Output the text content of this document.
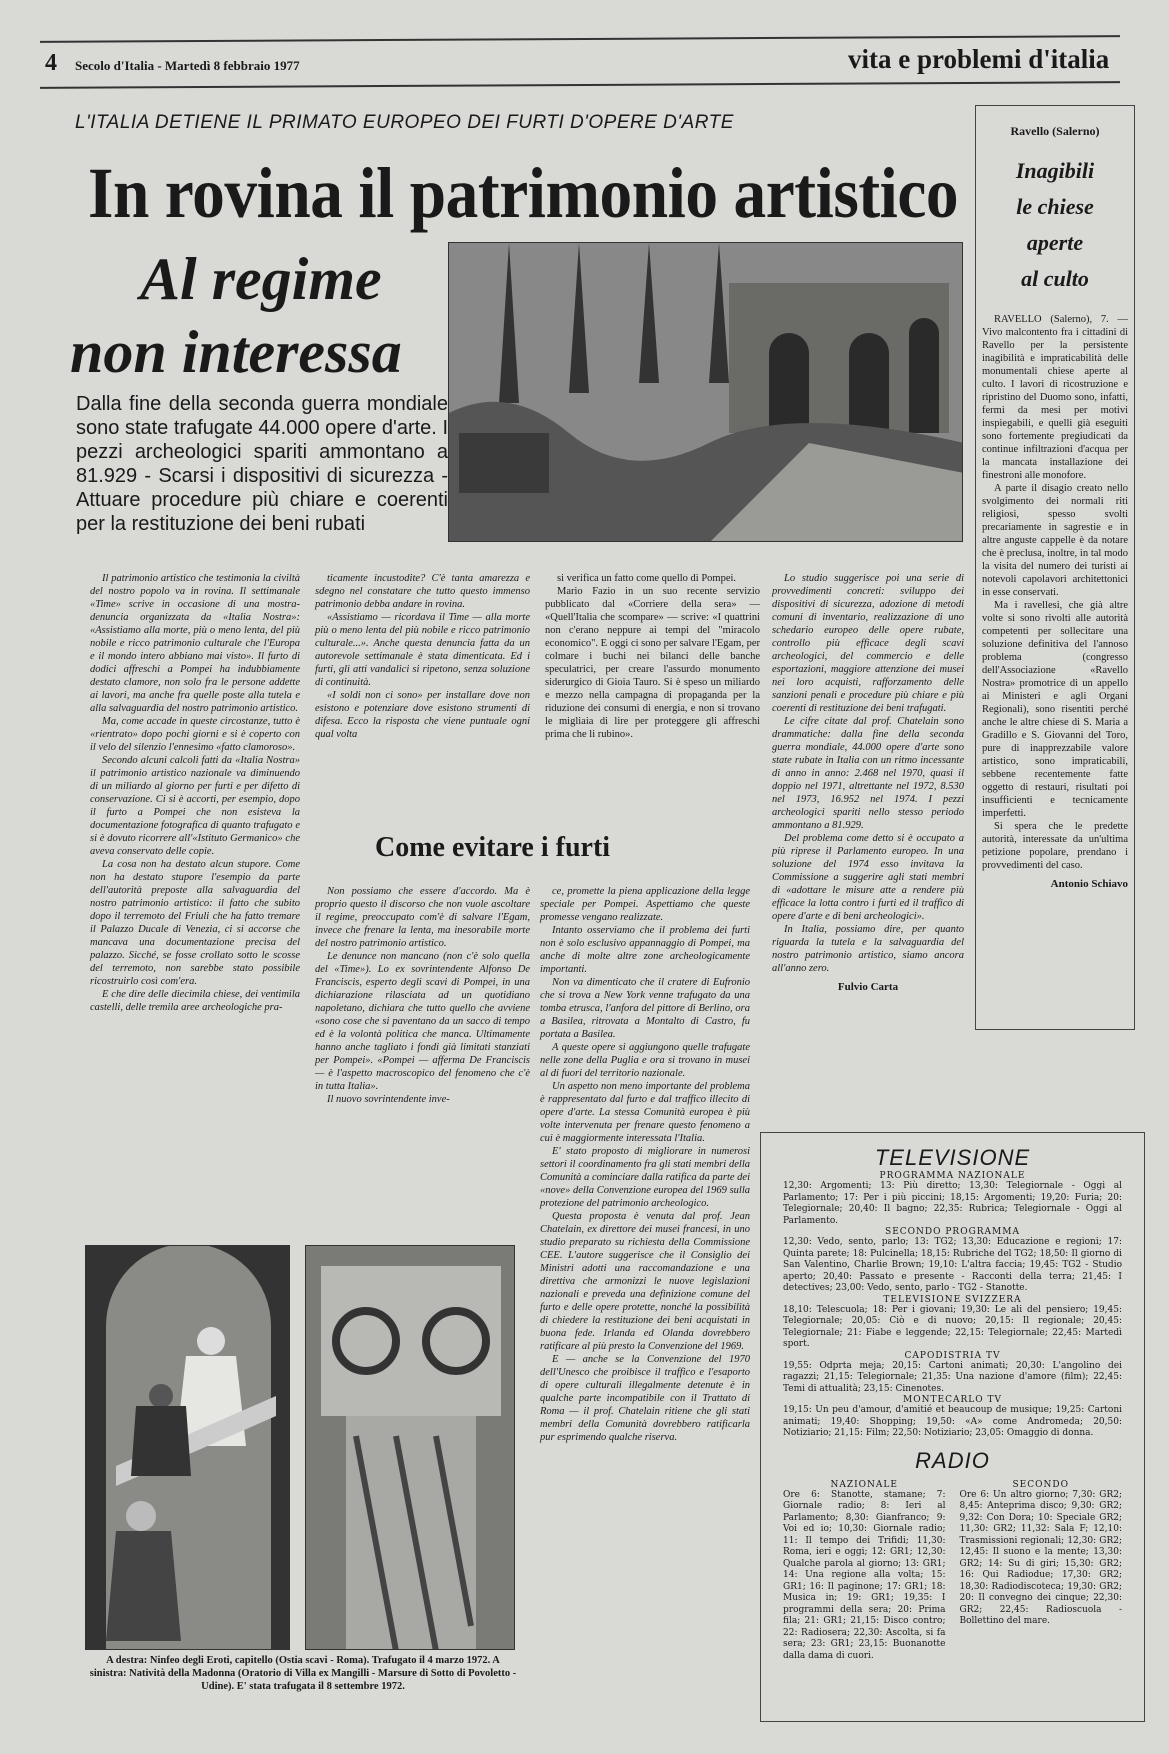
4 Secolo d'Italia - Martedì 8 febbraio 1977	vita e problemi d'italia
L'ITALIA DETIENE IL PRIMATO EUROPEO DEI FURTI D'OPERE D'ARTE
In rovina il patrimonio artistico
Al regime
non interessa
Dalla fine della seconda guerra mondiale sono state trafugate 44.000 opere d'arte. I pezzi archeologici spariti ammontano a 81.929 - Scarsi i dispositivi di sicurezza - Attuare procedure più chiare e coerenti per la restituzione dei beni rubati

Il patrimonio artistico che testimonia la civiltà del nostro popolo va in rovina. Il settimanale «Time» scrive in occasione di una mostra-denuncia organizzata da «Italia Nostra»: «Assistiamo alla morte, più o meno lenta, del più nobile e ricco patrimonio culturale che l'Europa e il mondo intero abbiano mai visto». Il furto di dodici affreschi a Pompei ha indubbiamente destato clamore, non solo fra le persone addette ai lavori, ma anche fra quelle poste alla tutela e alla salvaguardia del nostro patrimonio artistico.

Ma, come accade in queste circostanze, tutto è «rientrato» dopo pochi giorni e si è coperto con il velo del silenzio l'ennesimo «fatto clamoroso».

Secondo alcuni calcoli fatti da «Italia Nostra» il patrimonio artistico nazionale va diminuendo di un miliardo al giorno per furti e per difetto di conservazione. Ci si è accorti, per esempio, dopo il furto a Pompei che non esisteva la documentazione fotografica di quanto trafugato e si è dovuto ricorrere all'«Istituto Germanico» che aveva conservato delle copie.

La cosa non ha destato alcun stupore. Come non ha destato stupore l'esempio da parte dell'autorità preposte alla salvaguardia del nostro patrimonio artistico: il fatto che subito dopo il terremoto del Friuli che ha fatto tremare il Palazzo Ducale di Venezia, ci si accorse che mancava una documentazione precisa del palazzo. Sicché, se fosse crollato sotto le scosse del terremoto, non sarebbe stato possibile ricostruirlo così com'era.

E che dire delle diecimila chiese, dei ventimila castelli, delle tremila aree archeologiche pra-

ticamente incustodite? C'è tanta amarezza e sdegno nel constatare che tutto questo immenso patrimonio debba andare in rovina.

«Assistiamo — ricordava il Time — alla morte più o meno lenta del più nobile e ricco patrimonio culturale...». Anche questa denuncia fatta da un autorevole settimanale è stata dimenticata. Ed i furti, gli atti vandalici si ripetono, senza soluzione di continuità.

«I soldi non ci sono» per installare dove non esistono e potenziare dove esistono strumenti di difesa. Ecco la risposta che viene puntuale ogni qual volta

si verifica un fatto come quello di Pompei.

Mario Fazio in un suo recente servizio pubblicato dal «Corriere della sera» — «Quell'Italia che scompare» — scrive: «I quattrini non c'erano neppure ai tempi del "miracolo economico". E oggi ci sono per salvare l'Egam, per colmare i buchi nei bilanci delle banche speculatrici, per creare l'assurdo monumento siderurgico di Gioia Tauro. Si è speso un miliardo e mezzo nella campagna di propaganda per la riduzione dei consumi di energia, e non si trovano le migliaia di lire per proteggere gli affreschi prima che li rubino».

Lo studio suggerisce poi una serie di provvedimenti concreti: sviluppo dei dispositivi di sicurezza, adozione di metodi comuni di inventario, realizzazione di uno schedario europeo delle opere rubate, controllo più efficace degli scavi archeologici, del commercio e delle esportazioni, maggiore attenzione dei musei nei loro acquisti, rafforzamento delle sanzioni penali e procedure più chiare e più coerenti di restituzione dei beni trafugati.

Le cifre citate dal prof. Chatelain sono drammatiche: dalla fine della seconda guerra mondiale, 44.000 opere d'arte sono state rubate in Italia con un ritmo incessante di anno in anno: 2.468 nel 1970, quasi il doppio nel 1971, altrettante nel 1972, 8.530 nel 1973, 16.952 nel 1974. I pezzi archeologici spariti nello stesso periodo ammontano a 81.929.

Del problema come detto si è occupato a più riprese il Parlamento europeo. In una soluzione del 1974 esso invitava la Commissione a suggerire agli stati membri di «adottare le misure atte a rendere più efficace la lotta contro i furti ed il traffico di opere d'arte e di beni archeologici».

In Italia, possiamo dire, per quanto riguarda la tutela e la salvaguardia del nostro patrimonio artistico, siamo ancora all'anno zero.

Fulvio Carta
Come evitare i furti

Non possiamo che essere d'accordo. Ma è proprio questo il discorso che non vuole ascoltare il regime, preoccupato com'è di salvare l'Egam, invece che frenare la lenta, ma inesorabile morte del nostro patrimonio artistico.

Le denunce non mancano (non c'è solo quella del «Time»). Lo ex sovrintendente Alfonso De Franciscis, esperto degli scavi di Pompei, in una dichiarazione rilasciata ad un quotidiano napoletano, dichiara che tutto quello che avviene «sono cose che si paventano da un sacco di tempo ed è la volontà politica che manca. Ultimamente hanno anche tagliato i fondi già limitati stanziati per Pompei». «Pompei — afferma De Franciscis — è l'aspetto macroscopico del fenomeno che c'è in tutta Italia».

Il nuovo sovrintendente inve-

ce, promette la piena applicazione della legge speciale per Pompei. Aspettiamo che queste promesse vengano realizzate.

Intanto osserviamo che il problema dei furti non è solo esclusivo appannaggio di Pompei, ma anche di molte altre zone archeologicamente importanti.

Non va dimenticato che il cratere di Eufronio che si trova a New York venne trafugato da una tomba etrusca, l'anfora del pittore di Berlino, ora a Basilea, ritrovata a Montalto di Castro, fu portata a Basilea.

A queste opere si aggiungono quelle trafugate nelle zone della Puglia e ora si trovano in musei al di fuori del territorio nazionale.

Un aspetto non meno importante del problema è rappresentato dal furto e dal traffico illecito di opere d'arte. La stessa Comunità europea è più volte intervenuta per frenare questo fenomeno a cui è maggiormente interessata l'Italia.

E' stato proposto di migliorare in numerosi settori il coordinamento fra gli stati membri della Comunità a cominciare dalla ratifica da parte dei «nove» della Convenzione europea del 1969 sulla protezione del patrimonio archeologico.

Questa proposta è venuta dal prof. Jean Chatelain, ex direttore dei musei francesi, in uno studio preparato su richiesta della Commissione CEE. L'autore suggerisce che il Consiglio dei Ministri adotti una raccomandazione e una direttiva che armonizzi le nuove legislazioni nazionali e preveda una definizione comune del furto e delle opere protette, nonché la possibilità di chiedere la restituzione dei beni acquistati in buona fede. Irlanda ed Olanda dovrebbero ratificare al più presto la Convenzione del 1969.

E — anche se la Convenzione del 1970 dell'Unesco che proibisce il traffico e l'esaporto di opere culturali illegalmente detenute è in qualche parte incompatibile con il Trattato di Roma — il prof. Chatelain ritiene che gli stati membri della Comunità dovrebbero ratificarla pur esprimendo qualche riserva.

Ravello (Salerno)
Inagibili
le chiese
aperte
al culto

RAVELLO (Salerno), 7. — Vivo malcontento fra i cittadini di Ravello per la persistente inagibilità e impraticabilità delle monumentali chiese aperte al culto. I lavori di ricostruzione e ripristino del Duomo sono, infatti, fermi da mesi per motivi inspiegabili, e quelli già eseguiti sono fortemente pregiudicati da continue infiltrazioni d'acqua per la mancata installazione dei finestroni alle monofore.

A parte il disagio creato nello svolgimento dei normali riti religiosi, spesso svolti precariamente in sagrestie e in altre anguste cappelle è da notare che è preclusa, inoltre, in tal modo la visita del numero dei turisti ai notevoli capolavori architettonici in esse conservati.

Ma i ravellesi, che già altre volte si sono rivolti alle autorità competenti per sollecitare una soluzione definitiva del l'annoso problema (congresso dell'Associazione «Ravello Nostra» promotrice di un appello ai Ministeri e agli Organi Regionali), sono risentiti perché anche le altre chiese di S. Maria a Gradillo e S. Giovanni del Toro, pure di inapprezzabile valore artistico, sono impraticabili, sebbene recentemente fatte oggetto di restauri, risultati poi insufficienti e tecnicamente imperfetti.

Si spera che le predette autorità, interessate da un'ultima petizione popolare, prendano i provvedimenti del caso.

Antonio Schiavo
TELEVISIONE
PROGRAMMA NAZIONALE
12,30: Argomenti; 13: Più diretto; 13,30: Telegiornale - Oggi al Parlamento; 17: Per i più piccini; 18,15: Argomenti; 19,20: Furia; 20: Telegiornale; 20,40: Il bagno; 22,35: Rubrica; Telegiornale - Oggi al Parlamento.
SECONDO PROGRAMMA
12,30: Vedo, sento, parlo; 13: TG2; 13,30: Educazione e regioni; 17: Quinta parete; 18: Pulcinella; 18,15: Rubriche del TG2; 18,50: Il giorno di San Valentino, Charlie Brown; 19,10: L'altra faccia; 19,45: TG2 - Studio aperto; 20,40: Passato e presente - Racconti della terra; 21,45: I detectives; 23,00: Vedo, sento, parlo - TG2 - Stanotte.
TELEVISIONE SVIZZERA
18,10: Telescuola; 18: Per i giovani; 19,30: Le ali del pensiero; 19,45: Telegiornale; 20,05: Ciò e di nuovo; 20,15: Il regionale; 20,45: Telegiornale; 21: Fiabe e leggende; 22,15: Telegiornale; 22,45: Martedì sport.
CAPODISTRIA TV
19,55: Odprta meja; 20,15: Cartoni animati; 20,30: L'angolino dei ragazzi; 21,15: Telegiornale; 21,35: Una nazione d'amore (film); 22,45: Temi di attualità; 23,15: Cinenotes.
MONTECARLO TV
19,15: Un peu d'amour, d'amitié et beaucoup de musique; 19,25: Cartoni animati; 19,40: Shopping; 19,50: «A» come Andromeda; 20,50: Notiziario; 21,15: Film; 22,50: Notiziario; 23,05: Omaggio di donna.
RADIO
NAZIONALE
Ore 6: Stanotte, stamane; 7: Giornale radio; 8: Ieri al Parlamento; 8,30: Gianfranco; 9: Voi ed io; 10,30: Giornale radio; 11: Il tempo dei Trifidi; 11,30: Roma, ieri e oggi; 12: GR1; 12,30: Qualche parola al giorno; 13: GR1; 14: Una regione alla volta; 15: GR1; 16: Il paginone; 17: GR1; 18: Musica in; 19: GR1; 19,35: I programmi della sera; 20: Prima fila; 21: GR1; 21,15: Disco contro; 22: Radiosera; 22,30: Ascolta, si fa sera; 23: GR1; 23,15: Buonanotte dalla dama di cuori.
SECONDO
Ore 6: Un altro giorno; 7,30: GR2; 8,45: Anteprima disco; 9,30: GR2; 9,32: Con Dora; 10: Speciale GR2; 11,30: GR2; 11,32: Sala F; 12,10: Trasmissioni regionali; 12,30: GR2; 12,45: Il suono e la mente; 13,30: GR2; 14: Su di giri; 15,30: GR2; 16: Qui Radiodue; 17,30: GR2; 18,30: Radiodiscoteca; 19,30: GR2; 20: Il convegno dei cinque; 22,30: GR2; 22,45: Radioscuola - Bollettino del mare.
A destra: Ninfeo degli Eroti, capitello (Ostia scavi - Roma). Trafugato il 4 marzo 1972. A sinistra: Natività della Madonna (Oratorio di Villa ex Mangilli - Marsure di Sotto di Povoletto - Udine). E' stata trafugata il 8 settembre 1972.
